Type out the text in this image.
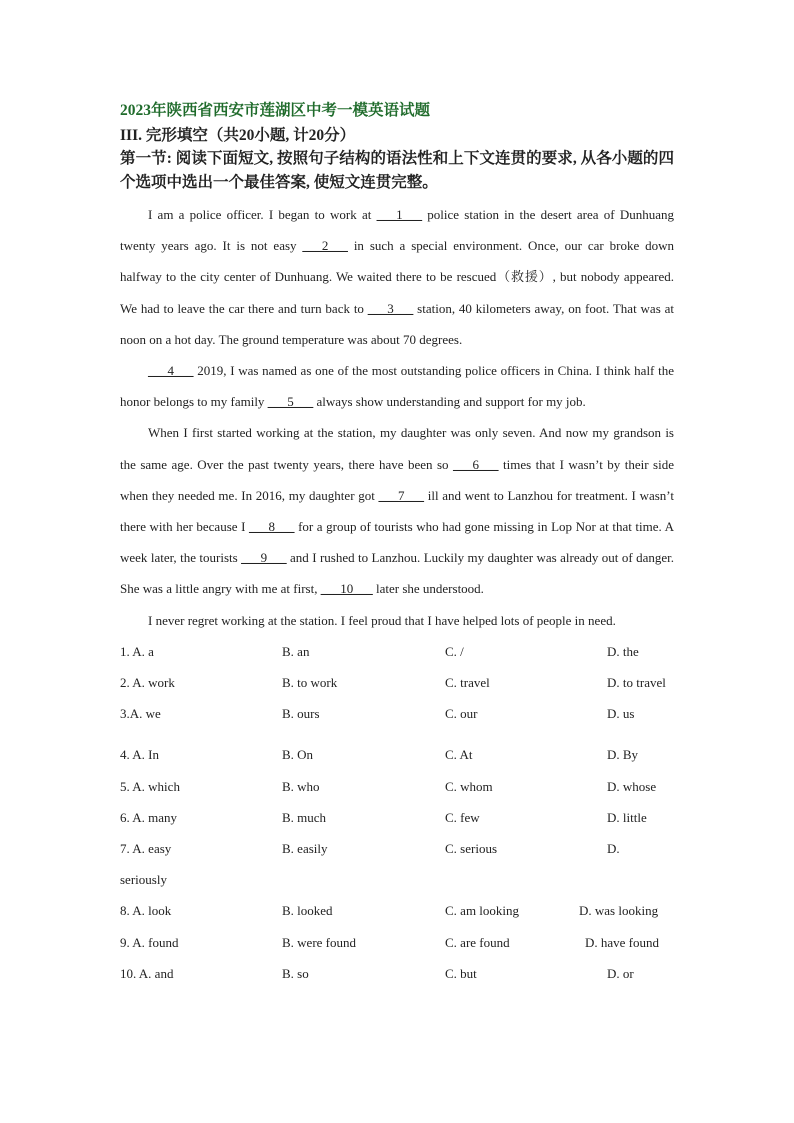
2023年陕西省西安市莲湖区中考一模英语试题

III. 完形填空（共20小题, 计20分）

第一节: 阅读下面短文, 按照句子结构的语法性和上下文连贯的要求, 从各小题的四个选项中选出一个最佳答案, 使短文连贯完整。

I am a police officer. I began to work at ___1___ police station in the desert area of Dunhuang twenty years ago. It is not easy ___2___ in such a special environment. Once, our car broke down halfway to the city center of Dunhuang. We waited there to be rescued（救援）, but nobody appeared. We had to leave the car there and turn back to ___3___ station, 40 kilometers away, on foot. That was at noon on a hot day. The ground temperature was about 70 degrees.

___4___ 2019, I was named as one of the most outstanding police officers in China. I think half the honor belongs to my family ___5___ always show understanding and support for my job.

When I first started working at the station, my daughter was only seven. And now my grandson is the same age. Over the past twenty years, there have been so ___6___ times that I wasn’t by their side when they needed me. In 2016, my daughter got ___7___ ill and went to Lanzhou for treatment. I wasn’t there with her because I ___8___ for a group of tourists who had gone missing in Lop Nor at that time. A week later, the tourists ___9___ and I rushed to Lanzhou. Luckily my daughter was already out of danger. She was a little angry with me at first, ___10___ later she understood.

I never regret working at the station. I feel proud that I have helped lots of people in need.

1. A. a	B. an	C. /	D. the
2. A. work	B. to work	C. travel	D. to travel
3.A. we	B. ours	C. our	D. us
4. A. In	B. On	C. At	D. By
5. A. which	B. who	C. whom	D. whose
6. A. many	B. much	C. few	D. little
7. A. easy	B. easily	C. serious	D.
seriously
8. A. look	B. looked	C. am looking	D. was looking
9. A. found	B. were found	C. are found	D. have found
10. A. and	B. so	C. but	D. or
